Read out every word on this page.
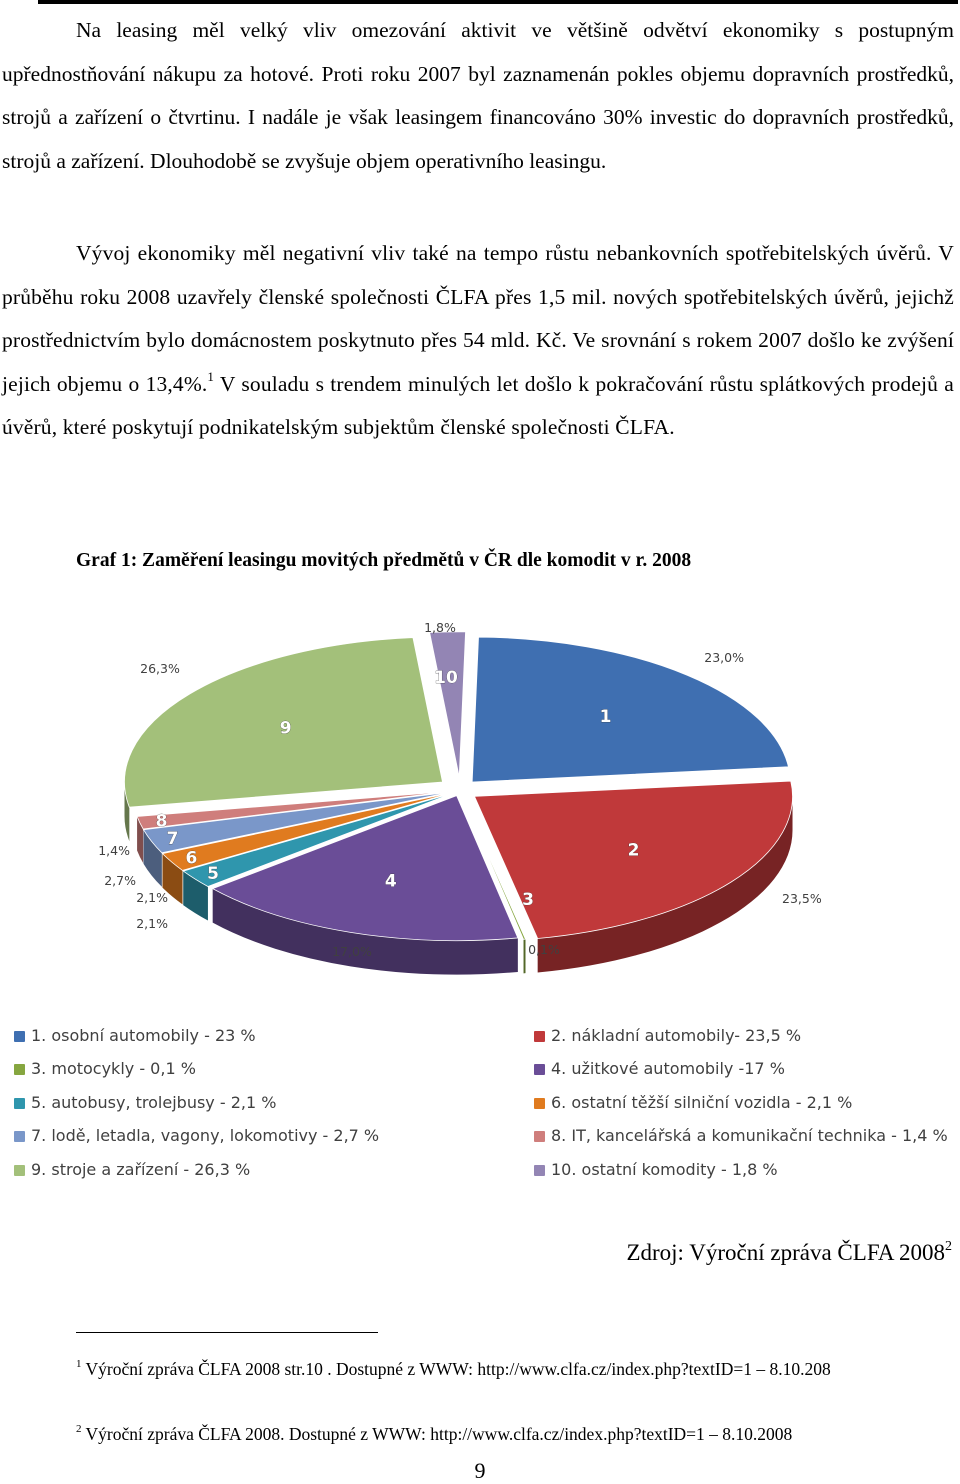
Na leasing měl velký vliv omezování aktivit ve většině odvětví ekonomiky s postupným upřednostňování nákupu za hotové. Proti roku 2007 byl zaznamenán pokles objemu dopravních prostředků, strojů a zařízení o čtvrtinu. I nadále je však leasingem financováno 30% investic do dopravních prostředků, strojů a zařízení. Dlouhodobě se zvyšuje objem operativního leasingu.

Vývoj ekonomiky měl negativní vliv také na tempo růstu nebankovních spotřebitelských úvěrů. V průběhu roku 2008 uzavřely členské společnosti ČLFA přes 1,5 mil. nových spotřebitelských úvěrů, jejichž prostřednictvím bylo domácnostem poskytnuto přes 54 mld. Kč. Ve srovnání s rokem 2007 došlo ke zvýšení jejich objemu o 13,4%.$^1$ V souladu s trendem minulých let došlo k pokračování růstu splátkových prodejů a úvěrů, které poskytují podnikatelským subjektům členské společnosti ČLFA.

Graf 1: Zaměření leasingu movitých předmětů v ČR dle komodit v r. 2008

1
23,0%
2
23,5%
3
0,1%
4
17,0%
5
2,1%
6
2,1%
7
2,7%
8
1,4%
9
26,3%	10
1,8%
1. osobní automobily - 23 %	2. nákladní automobily- 23,5 %
3. motocykly - 0,1 %	4. užitkové automobily -17 %
5. autobusy, trolejbusy - 2,1 %	6. ostatní těžší silniční vozidla - 2,1 %
7. lodě, letadla, vagony, lokomotivy - 2,7 %	8. IT, kancelářská a komunikační technika - 1,4 %
9. stroje a zařízení - 26,3 %	10. ostatní komodity - 1,8 %

Zdroj: Výroční zpráva ČLFA 2008$^2$

$^1$ Výroční zpráva ČLFA 2008 str.10 . Dostupné z WWW: http://www.clfa.cz/index.php?textID=1 – 8.10.208

$^2$ Výroční zpráva ČLFA 2008. Dostupné z WWW: http://www.clfa.cz/index.php?textID=1 – 8.10.2008

9
